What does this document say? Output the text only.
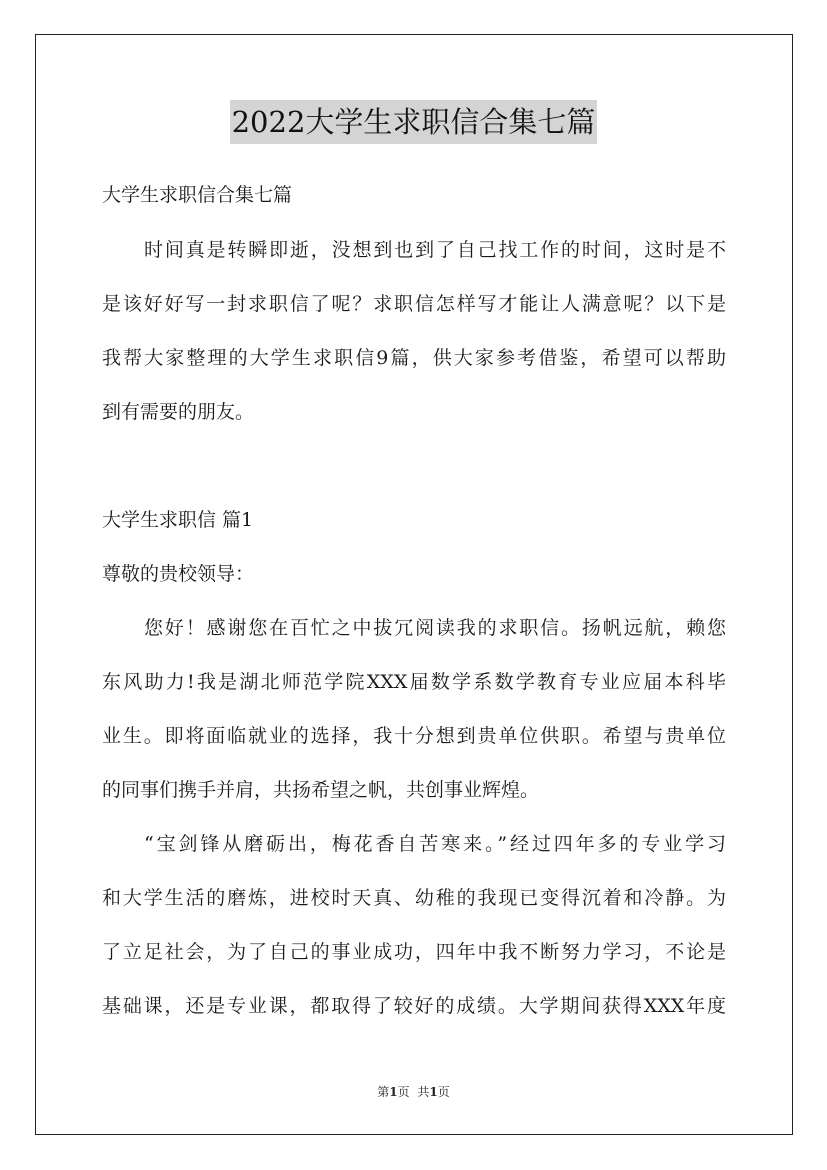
2022大学生求职信合集七篇
大学生求职信合集七篇
时间真是转瞬即逝，没想到也到了自己找工作的时间，这时是不
是该好好写一封求职信了呢？求职信怎样写才能让人满意呢？以下是
我帮大家整理的大学生求职信9篇，供大家参考借鉴，希望可以帮助
到有需要的朋友。
大学生求职信 篇1
尊敬的贵校领导：
您好！感谢您在百忙之中拔冗阅读我的求职信。扬帆远航，赖您
东风助力!我是湖北师范学院XXX届数学系数学教育专业应届本科毕
业生。即将面临就业的选择，我十分想到贵单位供职。希望与贵单位
的同事们携手并肩，共扬希望之帆，共创事业辉煌。
“宝剑锋从磨砺出，梅花香自苦寒来。”经过四年多的专业学习
和大学生活的磨炼，进校时天真、幼稚的我现已变得沉着和冷静。为
了立足社会，为了自己的事业成功，四年中我不断努力学习，不论是
基础课，还是专业课，都取得了较好的成绩。大学期间获得XXX年度
第1页 共1页
